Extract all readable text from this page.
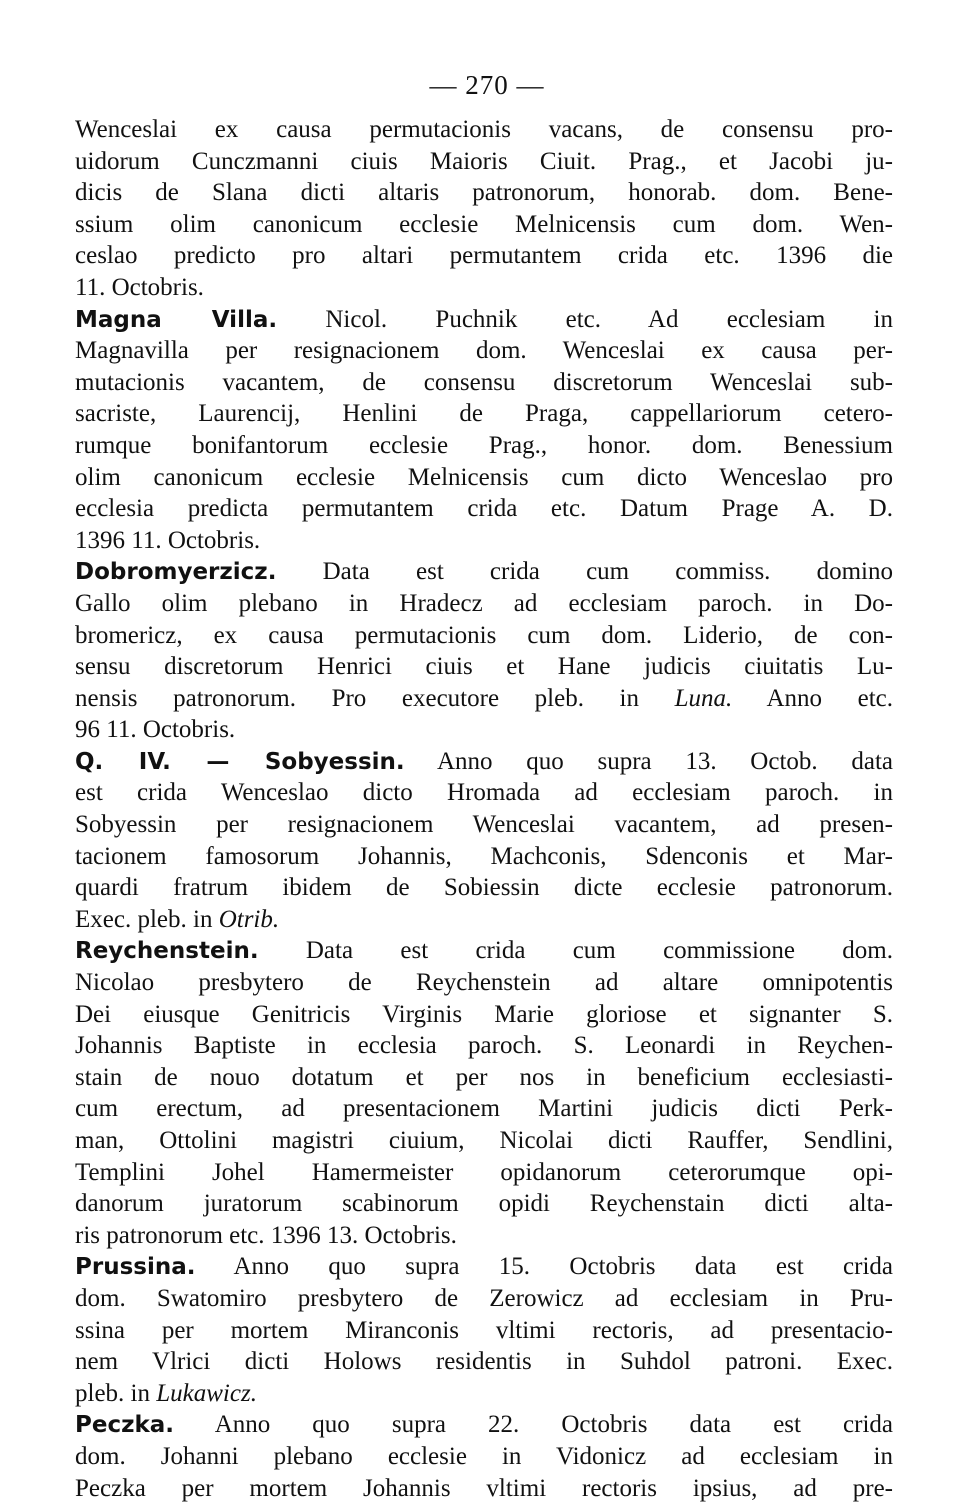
— 270 —
Wenceslai ex causa permutacionis vacans, de consensu pro-
uidorum Cunczmanni ciuis Maioris Ciuit. Prag., et Jacobi ju-
dicis de Slana dicti altaris patronorum, honorab. dom. Bene-
ssium olim canonicum ecclesie Melnicensis cum dom. Wen-
ceslao predicto pro altari permutantem crida etc. 1396 die
11. Octobris.
Magna Villa. Nicol. Puchnik etc. Ad ecclesiam in
Magnavilla per resignacionem dom. Wenceslai ex causa per-
mutacionis vacantem, de consensu discretorum Wenceslai sub-
sacriste, Laurencij, Henlini de Praga, cappellariorum cetero-
rumque bonifantorum ecclesie Prag., honor. dom. Benessium
olim canonicum ecclesie Melnicensis cum dicto Wenceslao pro
ecclesia predicta permutantem crida etc. Datum Prage A. D.
1396 11. Octobris.
Dobromyerzicz. Data est crida cum commiss. domino
Gallo olim plebano in Hradecz ad ecclesiam paroch. in Do-
bromericz, ex causa permutacionis cum dom. Liderio, de con-
sensu discretorum Henrici ciuis et Hane judicis ciuitatis Lu-
nensis patronorum. Pro executore pleb. in Luna. Anno etc.
96 11. Octobris.
Q. IV. — Sobyessin. Anno quo supra 13. Octob. data
est crida Wenceslao dicto Hromada ad ecclesiam paroch. in
Sobyessin per resignacionem Wenceslai vacantem, ad presen-
tacionem famosorum Johannis, Machconis, Sdenconis et Mar-
quardi fratrum ibidem de Sobiessin dicte ecclesie patronorum.
Exec. pleb. in Otrib.
Reychenstein. Data est crida cum commissione dom.
Nicolao presbytero de Reychenstein ad altare omnipotentis
Dei eiusque Genitricis Virginis Marie gloriose et signanter S.
Johannis Baptiste in ecclesia paroch. S. Leonardi in Reychen-
stain de nouo dotatum et per nos in beneficium ecclesiasti-
cum erectum, ad presentacionem Martini judicis dicti Perk-
man, Ottolini magistri ciuium, Nicolai dicti Rauffer, Sendlini,
Templini Johel Hamermeister opidanorum ceterorumque opi-
danorum juratorum scabinorum opidi Reychenstain dicti alta-
ris patronorum etc. 1396 13. Octobris.
Prussina. Anno quo supra 15. Octobris data est crida
dom. Swatomiro presbytero de Zerowicz ad ecclesiam in Pru-
ssina per mortem Miranconis vltimi rectoris, ad presentacio-
nem Vlrici dicti Holows residentis in Suhdol patroni. Exec.
pleb. in Lukawicz.
Peczka. Anno quo supra 22. Octobris data est crida
dom. Johanni plebano ecclesie in Vidonicz ad ecclesiam in
Peczka per mortem Johannis vltimi rectoris ipsius, ad pre-
